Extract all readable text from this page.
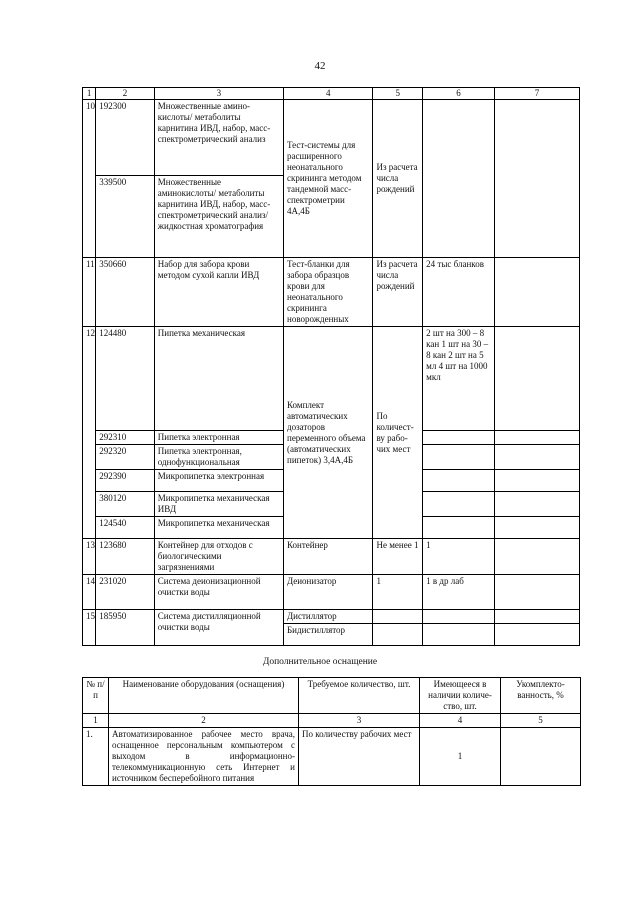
42
1	2	3	4	5	6	7
10	192300	Множественные амино-кислоты/ метаболиты карнитина ИВД, набор, масс-спектрометрический анализ	Тест-системы для расширенного неонатального скрининга методом тандемной масс-спектрометрии 4А,4Б	Из расчета числа рождений		
	339500	Множественные аминокислоты/ метаболиты карнитина ИВД, набор, масс-спектрометрический анализ/жидкостная хроматография				
11	350660	Набор для забора крови методом сухой капли ИВД	Тест-бланки для забора образцов крови для неонатального скрининга новорожденных	Из расчета числа рождений	24 тыс бланков	
12	124480	Пипетка механическая	Комплект автоматических дозаторов переменного объема (автоматических пипеток) 3,4А,4Б	По количест-ву рабо-чих мест	2 шт на 300 – 8 кан 1 шт на 30 – 8 кан 2 шт на 5 мл 4 шт на 1000 мкл	
	292310	Пипетка электронная				
	292320	Пипетка электронная, однофункциональная				
	292390	Микропипетка электронная				
	380120	Микропипетка механическая ИВД				
	124540	Микропипетка механическая				
13	123680	Контейнер для отходов с биологическими загрязнениями	Контейнер	Не менее 1	1	
14	231020	Система деионизационной очистки воды	Деионизатор	1	1 в др лаб	
15	185950	Система дистилляционной очистки воды	Дистиллятор			
			Бидистиллятор			
Дополнительное оснащение
№ п/п	Наименование оборудования (оснащения)	Требуемое количество, шт.	Имеющееся в наличии количе-ство, шт.	Укомплекто-ванность, %
1	2	3	4	5
1.	Автоматизированное рабочее место врача, оснащенное персональным компьютером с выходом в информационно-телекоммуникационную сеть Интернет и источником бесперебойного питания	По количеству рабочих мест	1	
